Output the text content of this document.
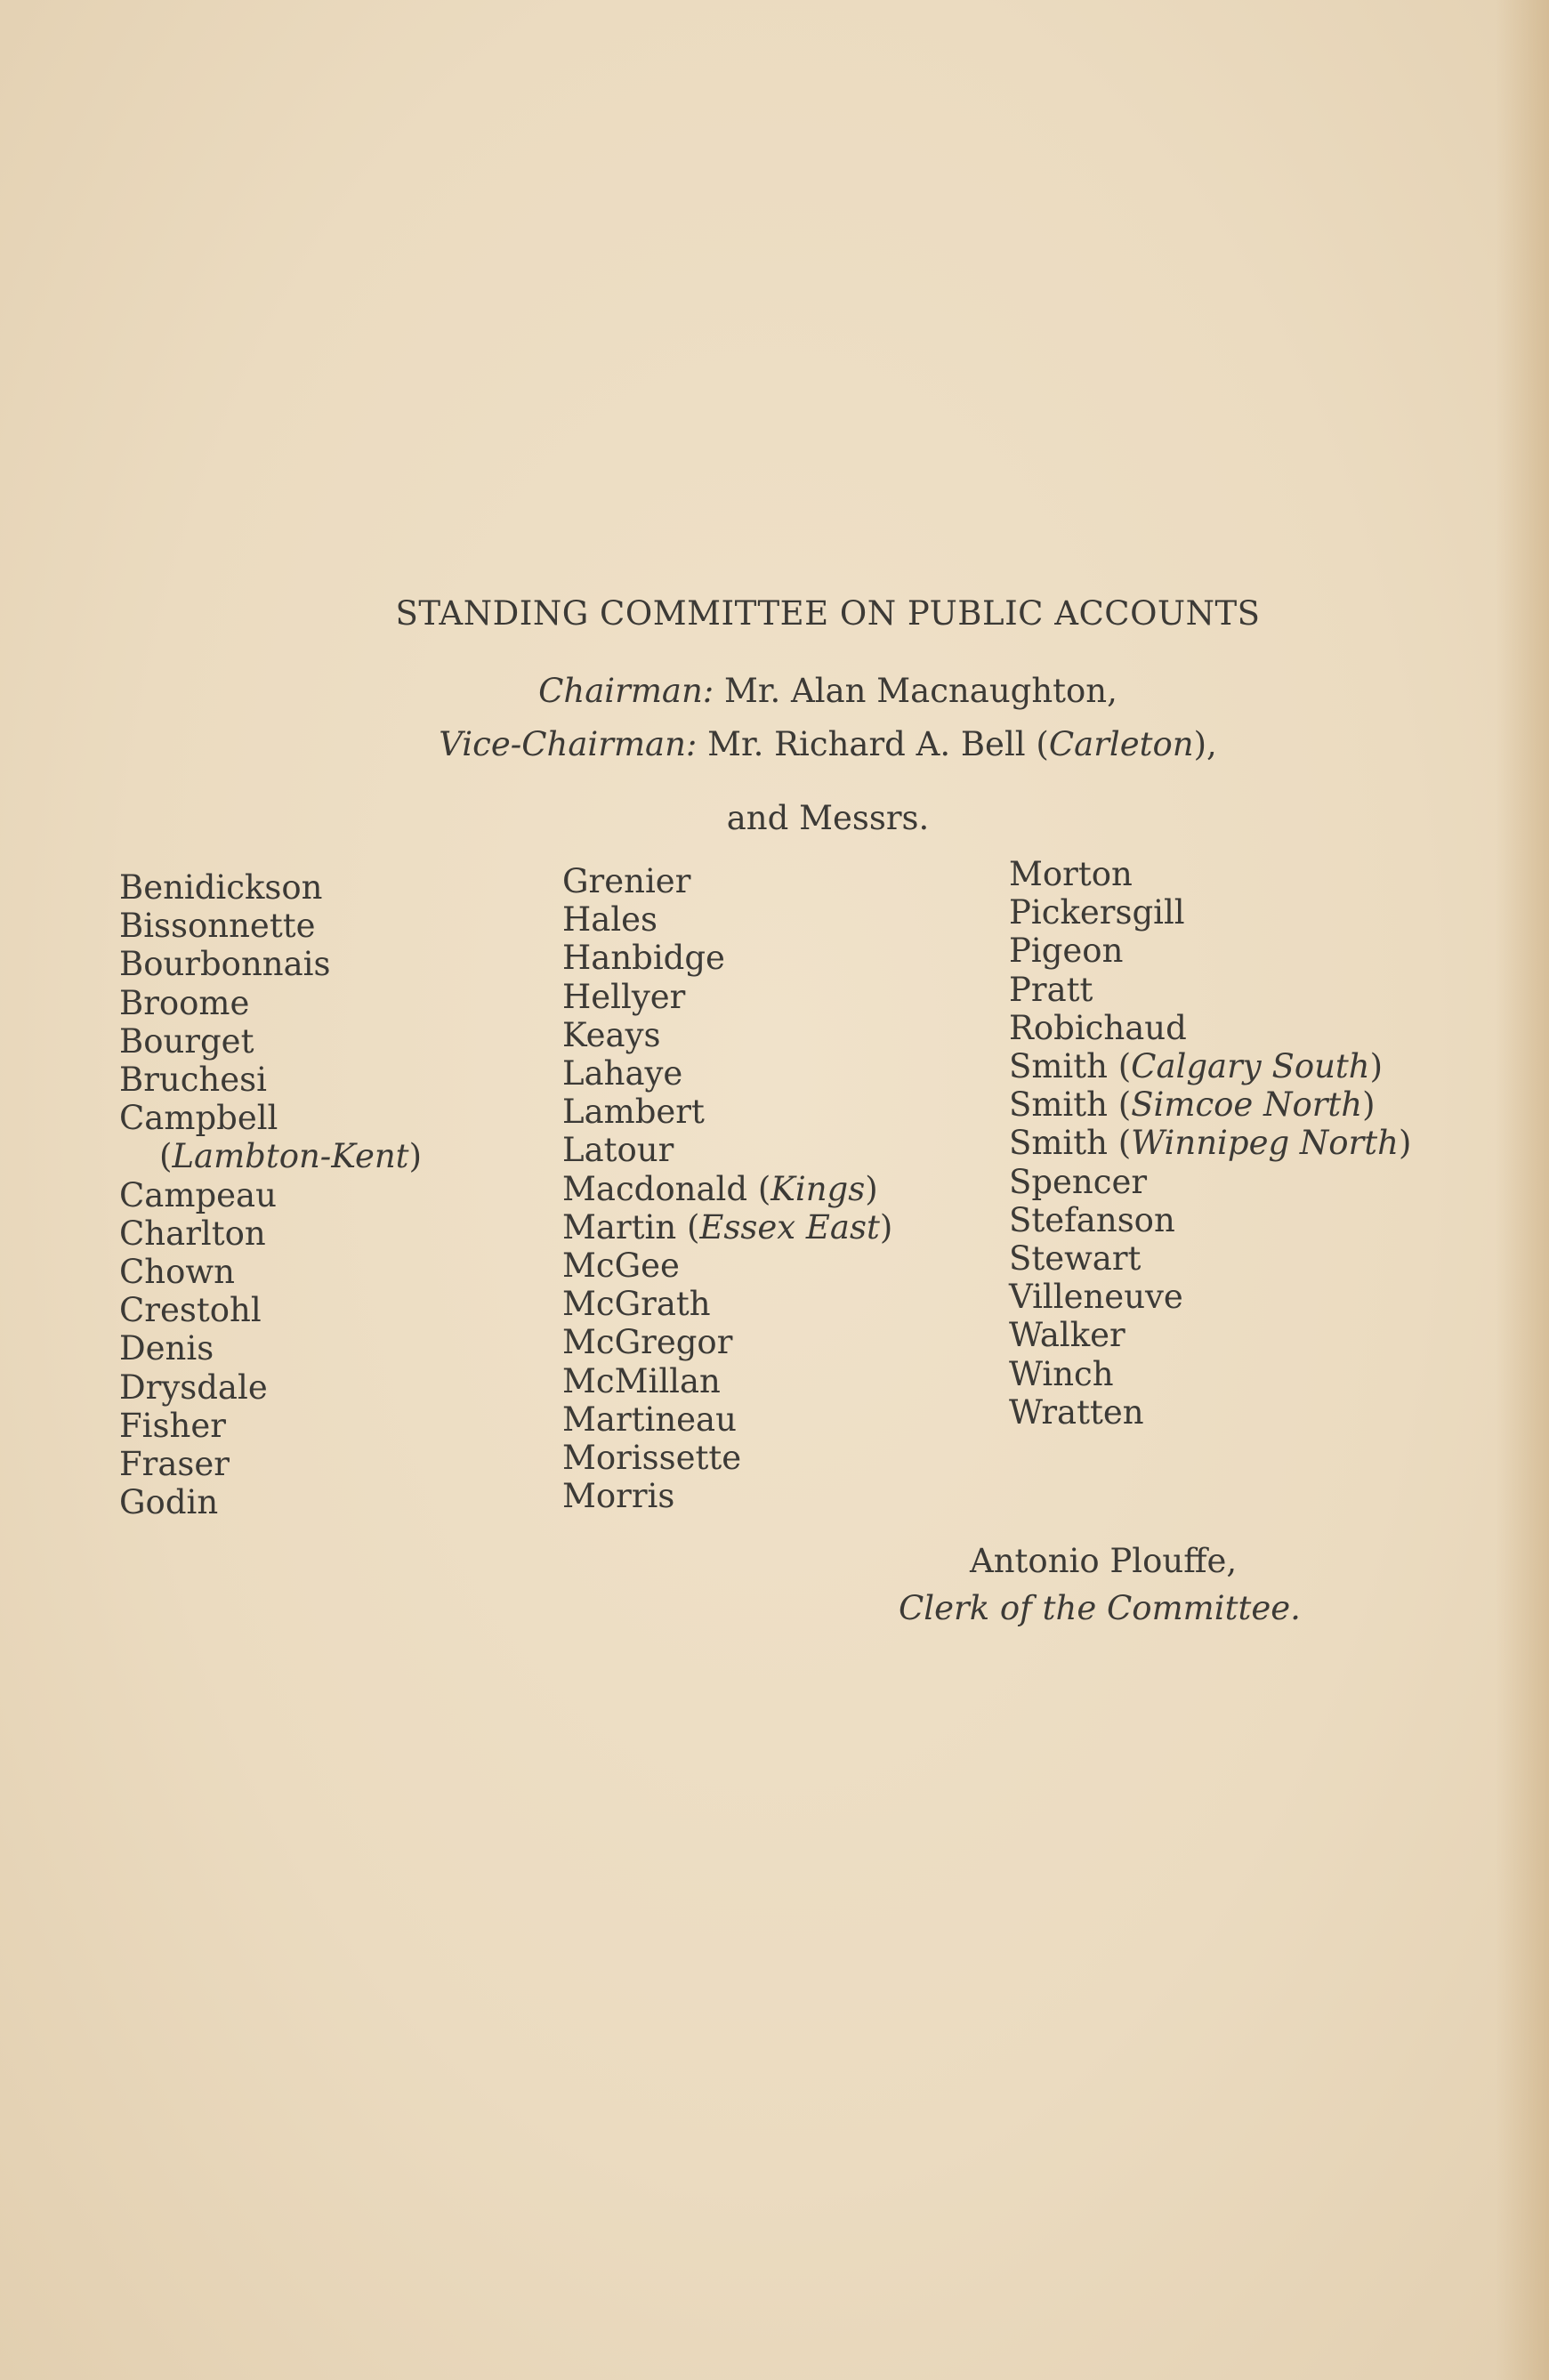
STANDING COMMITTEE ON PUBLIC ACCOUNTS
Chairman: Mr. Alan Macnaughton,
Vice-Chairman: Mr. Richard A. Bell (Carleton),
and Messrs.
Benidickson
Bissonnette
Bourbonnais
Broome
Bourget
Bruchesi
Campbell
(Lambton-Kent)
Campeau
Charlton
Chown
Crestohl
Denis
Drysdale
Fisher
Fraser
Godin
Grenier
Hales
Hanbidge
Hellyer
Keays
Lahaye
Lambert
Latour
Macdonald (Kings)
Martin (Essex East)
McGee
McGrath
McGregor
McMillan
Martineau
Morissette
Morris
Morton
Pickersgill
Pigeon
Pratt
Robichaud
Smith (Calgary South)
Smith (Simcoe North)
Smith (Winnipeg North)
Spencer
Stefanson
Stewart
Villeneuve
Walker
Winch
Wratten
Antonio Plouffe,
Clerk of the Committee.
